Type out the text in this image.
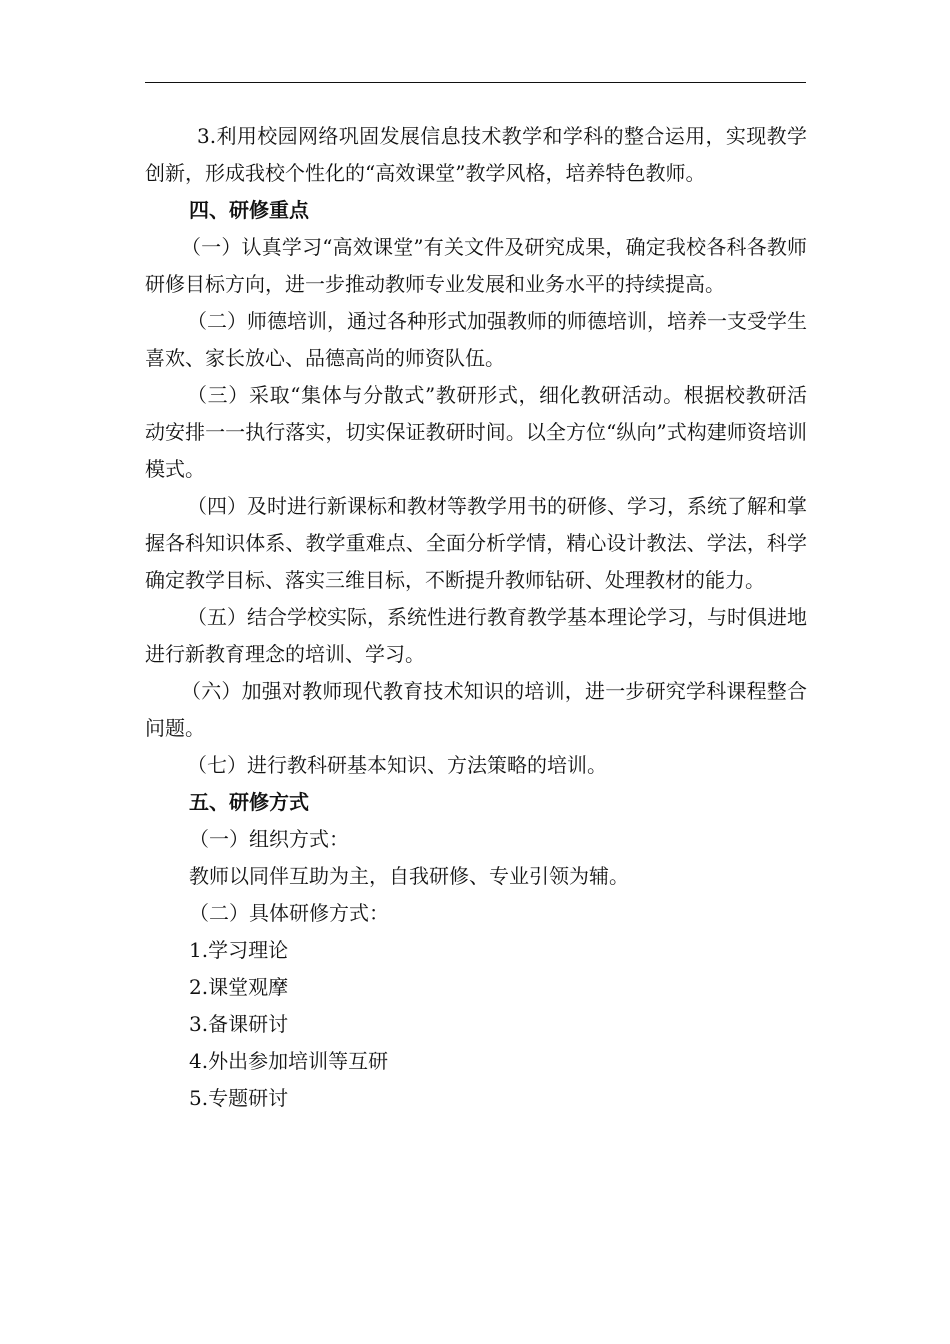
3.利用校园网络巩固发展信息技术教学和学科的整合运用，实现教学创新，形成我校个性化的“高效课堂”教学风格，培养特色教师。

四、研修重点

（一）认真学习“高效课堂”有关文件及研究成果，确定我校各科各教师研修目标方向，进一步推动教师专业发展和业务水平的持续提高。

（二）师德培训，通过各种形式加强教师的师德培训，培养一支受学生喜欢、家长放心、品德高尚的师资队伍。

（三）采取“集体与分散式”教研形式，细化教研活动。根据校教研活动安排一一执行落实，切实保证教研时间。以全方位“纵向”式构建师资培训模式。

（四）及时进行新课标和教材等教学用书的研修、学习，系统了解和掌握各科知识体系、教学重难点、全面分析学情，精心设计教法、学法，科学确定教学目标、落实三维目标，不断提升教师钻研、处理教材的能力。

（五）结合学校实际，系统性进行教育教学基本理论学习，与时俱进地进行新教育理念的培训、学习。

（六）加强对教师现代教育技术知识的培训，进一步研究学科课程整合问题。

（七）进行教科研基本知识、方法策略的培训。

五、研修方式

（一）组织方式：

教师以同伴互助为主，自我研修、专业引领为辅。

（二）具体研修方式：

1.学习理论

2.课堂观摩

3.备课研讨

4.外出参加培训等互研

5.专题研讨
